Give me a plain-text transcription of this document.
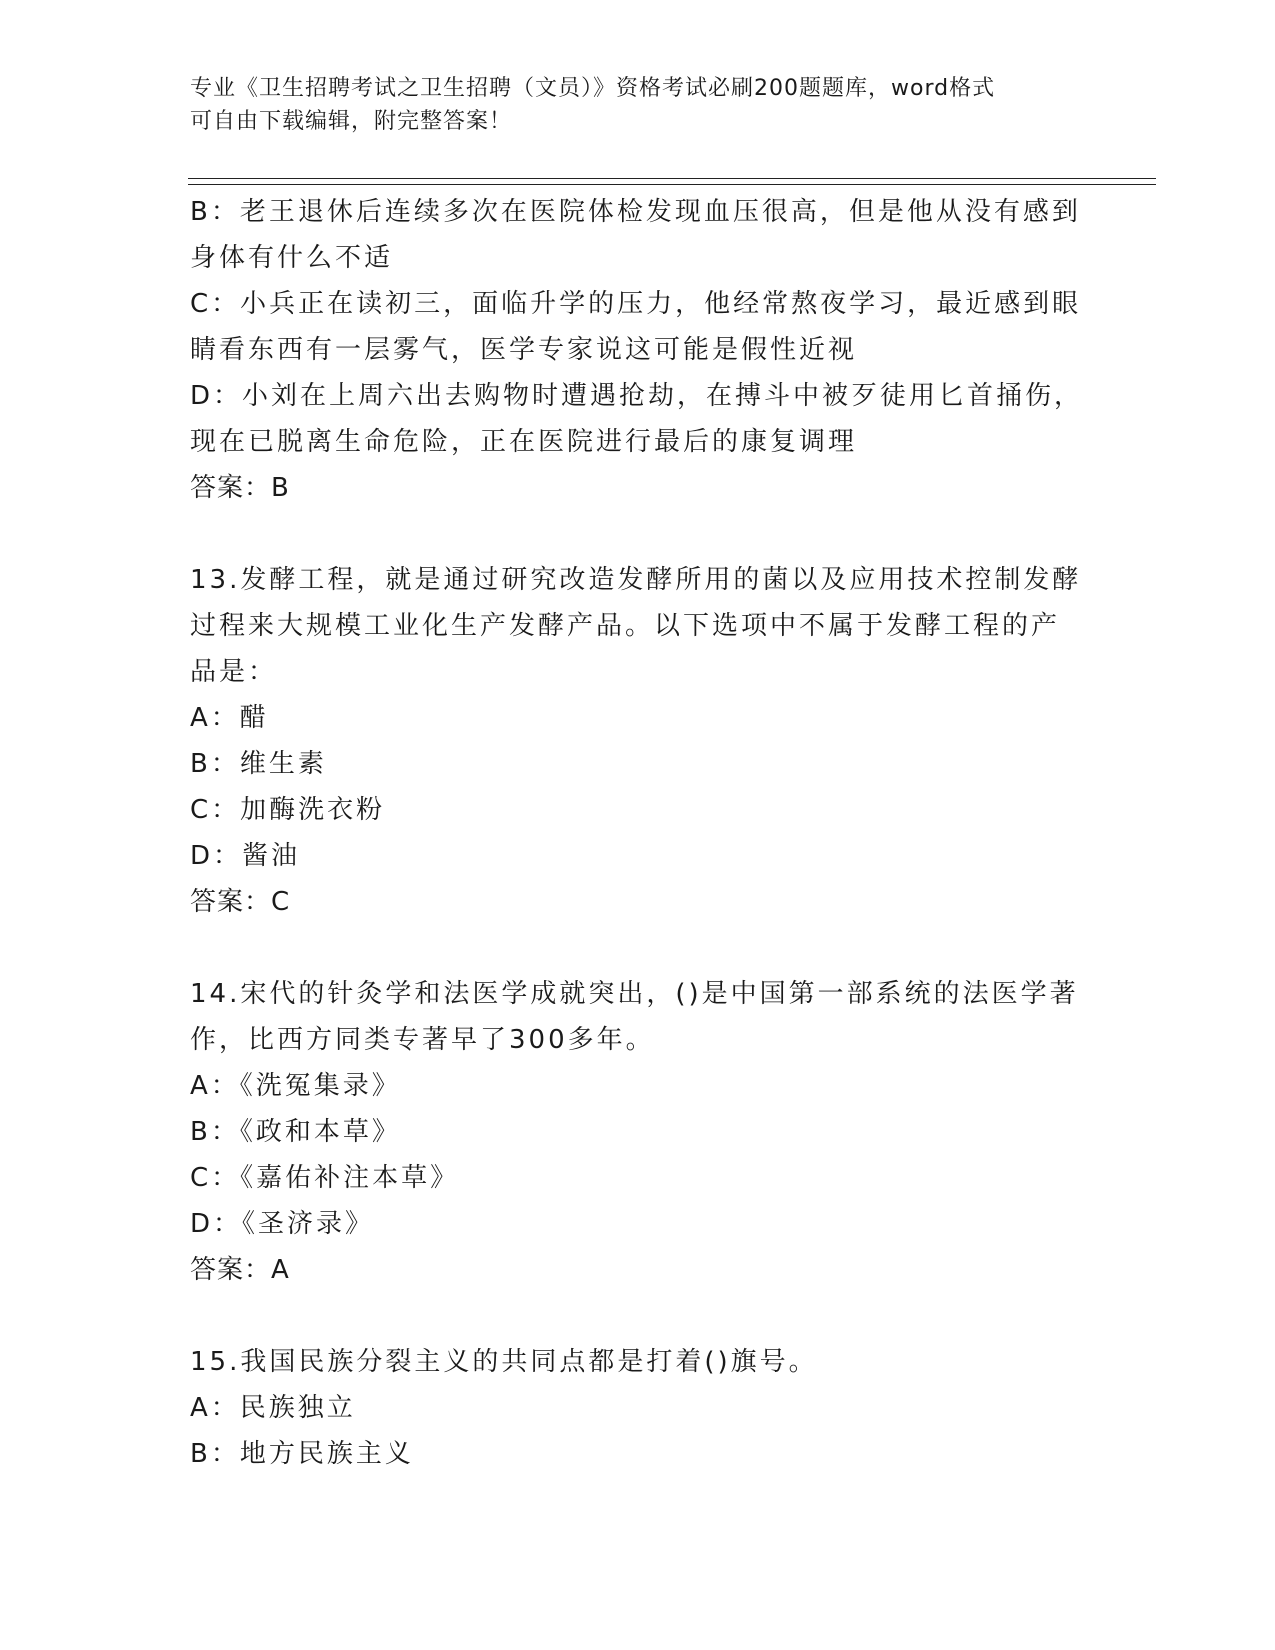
专业《卫生招聘考试之卫生招聘（文员）》资格考试必刷200题题库，word格式
可自由下载编辑，附完整答案！
B：老王退休后连续多次在医院体检发现血压很高，但是他从没有感到
身体有什么不适
C：小兵正在读初三，面临升学的压力，他经常熬夜学习，最近感到眼
睛看东西有一层雾气，医学专家说这可能是假性近视
D：小刘在上周六出去购物时遭遇抢劫，在搏斗中被歹徒用匕首捅伤，
现在已脱离生命危险，正在医院进行最后的康复调理
答案：B
13.发酵工程，就是通过研究改造发酵所用的菌以及应用技术控制发酵
过程来大规模工业化生产发酵产品。以下选项中不属于发酵工程的产
品是：
A：醋
B：维生素
C：加酶洗衣粉
D：酱油
答案：C
14.宋代的针灸学和法医学成就突出，()是中国第一部系统的法医学著
作，比西方同类专著早了300多年。
A：《洗冤集录》
B：《政和本草》
C：《嘉佑补注本草》
D：《圣济录》
答案：A
15.我国民族分裂主义的共同点都是打着()旗号。
A：民族独立
B：地方民族主义
